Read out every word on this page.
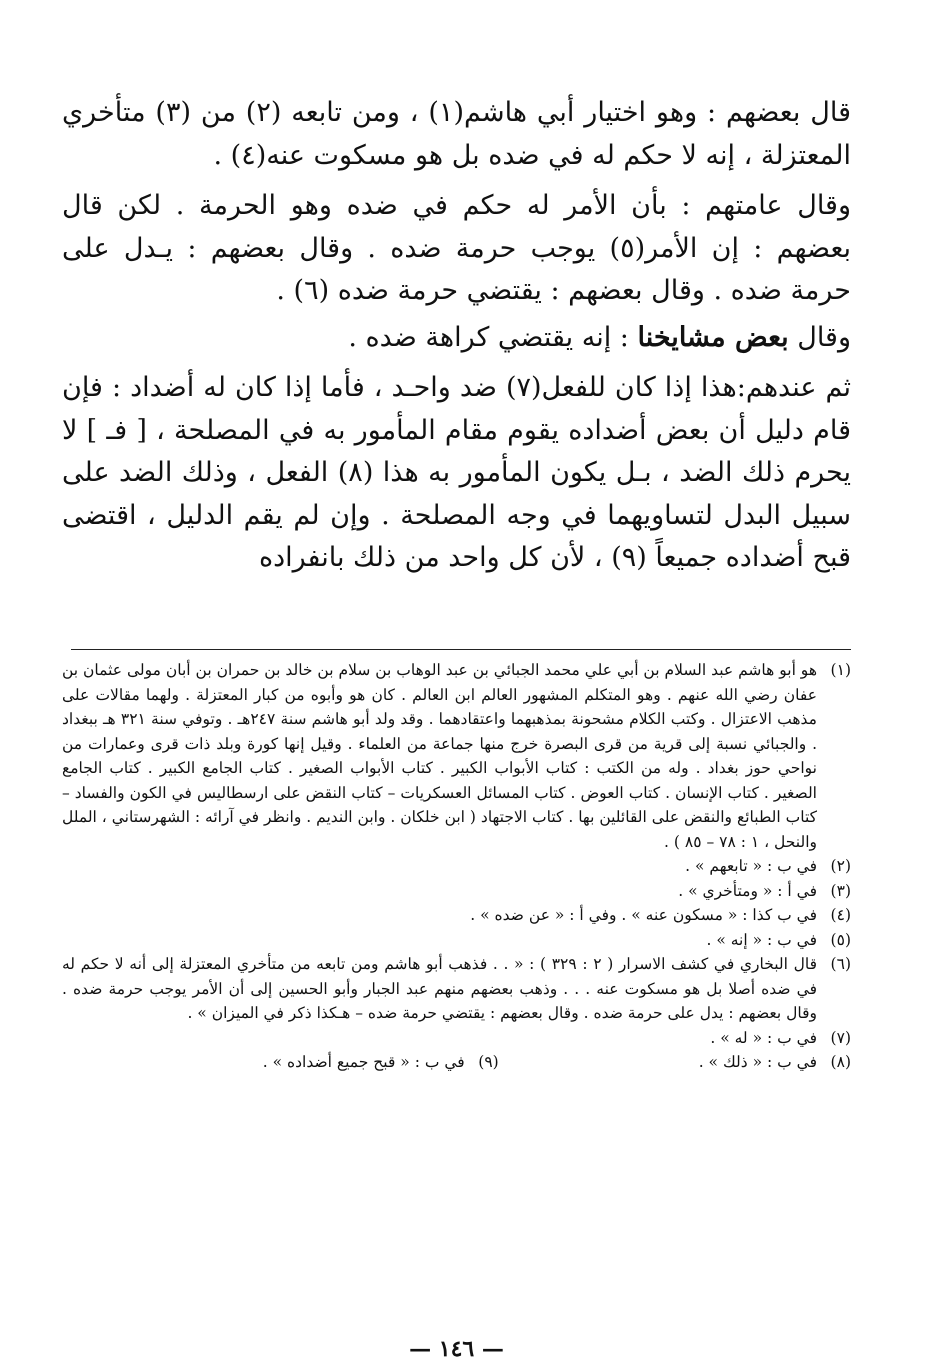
قال بعضهم : وهو اختيار أبي هاشم(١) ، ومن تابعه (٢) من (٣) متأخري المعتزلة ، إنه لا حكم له في ضده بل هو مسكوت عنه(٤) .

وقال عامتهم : بأن الأمر له حكم في ضده وهو الحرمة . لكن قال بعضهم : إن الأمر(٥) يوجب حرمة ضده . وقال بعضهم : يـدل على حرمة ضده . وقال بعضهم : يقتضي حرمة ضده (٦) .

وقال بعض مشايخنا : إنه يقتضي كراهة ضده .

ثم عندهم:هذا إذا كان للفعل(٧) ضد واحـد ، فأما إذا كان له أضداد : فإن قام دليل أن بعض أضداده يقوم مقام المأمور به في المصلحة ، [ فـ ] لا يحرم ذلك الضد ، بـل يكون المأمور به هذا (٨) الفعل ، وذلك الضد على سبيل البدل لتساويهما في وجه المصلحة . وإن لم يقم الدليل ، اقتضى قبح أضداده جميعاً (٩) ، لأن كل واحد من ذلك بانفراده

(١)
هو أبو هاشم عبد السلام بن أبي علي محمد الجبائي بن عبد الوهاب بن سلام بن خالد بن حمران بن أبان مولى عثمان بن عفان رضي الله عنهم . وهو المتكلم المشهور العالم ابن العالم . كان هو وأبوه من كبار المعتزلة . ولهما مقالات على مذهب الاعتزال . وكتب الكلام مشحونة بمذهبهما واعتقادهما . وقد ولد أبو هاشم سنة ٢٤٧هـ . وتوفي سنة ٣٢١ هـ ببغداد . والجبائي نسبة إلى قرية من قرى البصرة خرج منها جماعة من العلماء . وقيل إنها كورة وبلد ذات قرى وعمارات من نواحي حوز بغداد . وله من الكتب : كتاب الأبواب الكبير . كتاب الأبواب الصغير . كتاب الجامع الكبير . كتاب الجامع الصغير . كتاب الإنسان . كتاب العوض . كتاب المسائل العسكريات – كتاب النقض على ارسطاليس في الكون والفساد – كتاب الطبائع والنقض على القائلين بها . كتاب الاجتهاد ( ابن خلكان . وابن النديم . وانظر في آرائه : الشهرستاني ، الملل والنحل ، ١ : ٧٨ – ٨٥ ) .
(٢)
في ب : « تابعهم » .
(٣)
في أ : « ومتأخري » .
(٤)
في ب كذا : « مسكون عنه » . وفي أ : « عن ضده » .
(٥)
في ب : « إنه » .
(٦)
قال البخاري في كشف الاسرار ( ٢ : ٣٢٩ ) : « . . فذهب أبو هاشم ومن تابعه من متأخري المعتزلة إلى أنه لا حكم له في ضده أصلا بل هو مسكوت عنه . . . وذهب بعضهم منهم عبد الجبار وأبو الحسين إلى أن الأمر يوجب حرمة ضده . وقال بعضهم : يدل على حرمة ضده . وقال بعضهم : يقتضي حرمة ضده – هـكذا ذكر في الميزان » .
(٧)
في ب : « له » .
(٨)
في ب : « ذلك » .
(٩)
في ب : « قبح جميع أضداده » .
— ١٤٦ —
